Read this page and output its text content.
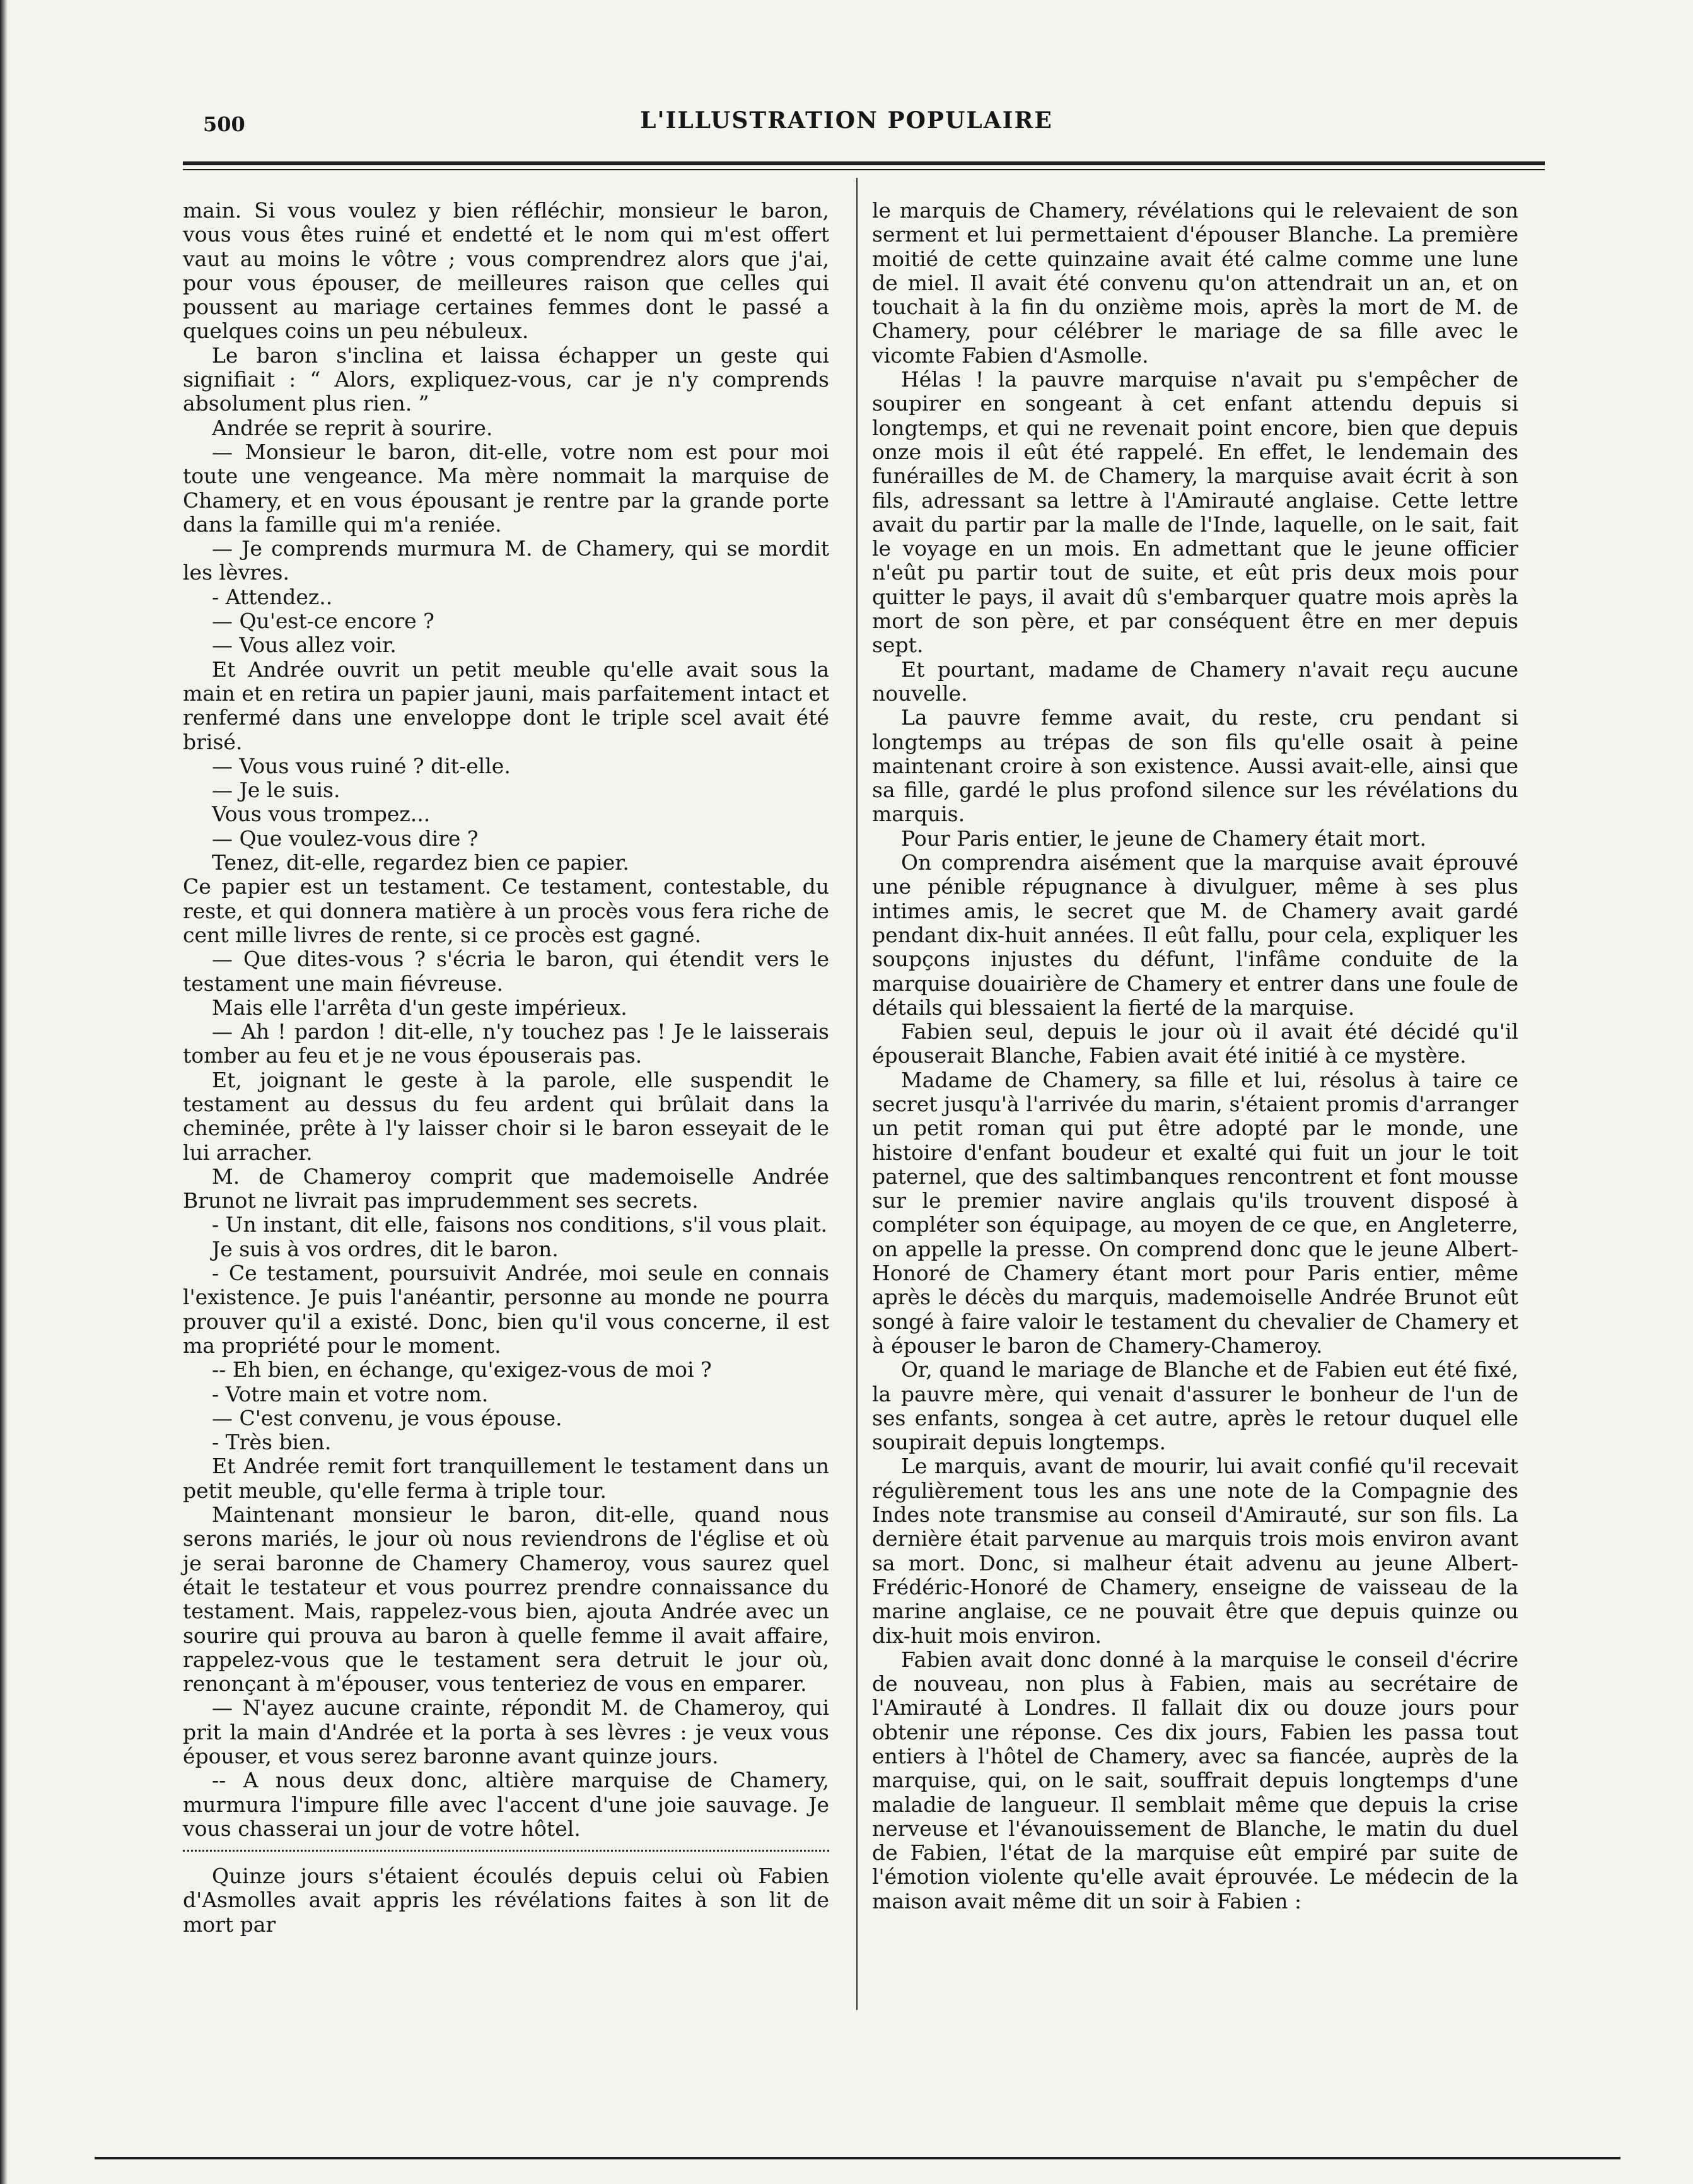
500	L'ILLUSTRATION POPULAIRE

main. Si vous voulez y bien réfléchir, monsieur le baron, vous vous êtes ruiné et endetté et le nom qui m'est offert vaut au moins le vôtre ; vous comprendrez alors que j'ai, pour vous épouser, de meilleures raison que celles qui poussent au mariage certaines femmes dont le passé a quelques coins un peu nébuleux.

Le baron s'inclina et laissa échapper un geste qui signifiait : “ Alors, expliquez-vous, car je n'y comprends absolument plus rien. ”

Andrée se reprit à sourire.

— Monsieur le baron, dit-elle, votre nom est pour moi toute une vengeance. Ma mère nommait la marquise de Chamery, et en vous épousant je rentre par la grande porte dans la famille qui m'a reniée.

— Je comprends murmura M. de Chamery, qui se mordit les lèvres.

- Attendez..

— Qu'est-ce encore ?

— Vous allez voir.

Et Andrée ouvrit un petit meuble qu'elle avait sous la main et en retira un papier jauni, mais parfaitement intact et renfermé dans une enveloppe dont le triple scel avait été brisé.

— Vous vous ruiné ? dit-elle.

— Je le suis.

Vous vous trompez...

— Que voulez-vous dire ?

Tenez, dit-elle, regardez bien ce papier.

Ce papier est un testament. Ce testament, contestable, du reste, et qui donnera matière à un procès vous fera riche de cent mille livres de rente, si ce procès est gagné.

— Que dites-vous ? s'écria le baron, qui étendit vers le testament une main fiévreuse.

Mais elle l'arrêta d'un geste impérieux.

— Ah ! pardon ! dit-elle, n'y touchez pas ! Je le laisserais tomber au feu et je ne vous épouserais pas.

Et, joignant le geste à la parole, elle suspendit le testament au dessus du feu ardent qui brûlait dans la cheminée, prête à l'y laisser choir si le baron esseyait de le lui arracher.

M. de Chameroy comprit que mademoiselle Andrée Brunot ne livrait pas imprudemment ses secrets.

- Un instant, dit elle, faisons nos conditions, s'il vous plait.

Je suis à vos ordres, dit le baron.

- Ce testament, poursuivit Andrée, moi seule en connais l'existence. Je puis l'anéantir, personne au monde ne pourra prouver qu'il a existé. Donc, bien qu'il vous concerne, il est ma propriété pour le moment.

-- Eh bien, en échange, qu'exigez-vous de moi ?

- Votre main et votre nom.

— C'est convenu, je vous épouse.

- Très bien.

Et Andrée remit fort tranquillement le testament dans un petit meuble, qu'elle ferma à triple tour.

Maintenant monsieur le baron, dit-elle, quand nous serons mariés, le jour où nous reviendrons de l'église et où je serai baronne de Chamery Chameroy, vous saurez quel était le testateur et vous pourrez prendre connaissance du testament. Mais, rappelez-vous bien, ajouta Andrée avec un sourire qui prouva au baron à quelle femme il avait affaire, rappelez-vous que le testament sera detruit le jour où, renonçant à m'épouser, vous tenteriez de vous en emparer.

— N'ayez aucune crainte, répondit M. de Chameroy, qui prit la main d'Andrée et la porta à ses lèvres : je veux vous épouser, et vous serez baronne avant quinze jours.

-- A nous deux donc, altière marquise de Chamery, murmura l'impure fille avec l'accent d'une joie sauvage. Je vous chasserai un jour de votre hôtel.

Quinze jours s'étaient écoulés depuis celui où Fabien d'Asmolles avait appris les révélations faites à son lit de mort par

le marquis de Chamery, révélations qui le relevaient de son serment et lui permettaient d'épouser Blanche. La première moitié de cette quinzaine avait été calme comme une lune de miel. Il avait été convenu qu'on attendrait un an, et on touchait à la fin du onzième mois, après la mort de M. de Chamery, pour célébrer le mariage de sa fille avec le vicomte Fabien d'Asmolle.

Hélas ! la pauvre marquise n'avait pu s'empêcher de soupirer en songeant à cet enfant attendu depuis si longtemps, et qui ne revenait point encore, bien que depuis onze mois il eût été rappelé. En effet, le lendemain des funérailles de M. de Chamery, la marquise avait écrit à son fils, adressant sa lettre à l'Amirauté anglaise. Cette lettre avait du partir par la malle de l'Inde, laquelle, on le sait, fait le voyage en un mois. En admettant que le jeune officier n'eût pu partir tout de suite, et eût pris deux mois pour quitter le pays, il avait dû s'embarquer quatre mois après la mort de son père, et par conséquent être en mer depuis sept.

Et pourtant, madame de Chamery n'avait reçu aucune nouvelle.

La pauvre femme avait, du reste, cru pendant si longtemps au trépas de son fils qu'elle osait à peine maintenant croire à son existence. Aussi avait-elle, ainsi que sa fille, gardé le plus profond silence sur les révélations du marquis.

Pour Paris entier, le jeune de Chamery était mort.

On comprendra aisément que la marquise avait éprouvé une pénible répugnance à divulguer, même à ses plus intimes amis, le secret que M. de Chamery avait gardé pendant dix-huit années. Il eût fallu, pour cela, expliquer les soupçons injustes du défunt, l'infâme conduite de la marquise douairière de Chamery et entrer dans une foule de détails qui blessaient la fierté de la marquise.

Fabien seul, depuis le jour où il avait été décidé qu'il épouserait Blanche, Fabien avait été initié à ce mystère.

Madame de Chamery, sa fille et lui, résolus à taire ce secret jusqu'à l'arrivée du marin, s'étaient promis d'arranger un petit roman qui put être adopté par le monde, une histoire d'enfant boudeur et exalté qui fuit un jour le toit paternel, que des saltimbanques rencontrent et font mousse sur le premier navire anglais qu'ils trouvent disposé à compléter son équipage, au moyen de ce que, en Angleterre, on appelle la presse. On comprend donc que le jeune Albert-Honoré de Chamery étant mort pour Paris entier, même après le décès du marquis, mademoiselle Andrée Brunot eût songé à faire valoir le testament du chevalier de Chamery et à épouser le baron de Chamery-Chameroy.

Or, quand le mariage de Blanche et de Fabien eut été fixé, la pauvre mère, qui venait d'assurer le bonheur de l'un de ses enfants, songea à cet autre, après le retour duquel elle soupirait depuis longtemps.

Le marquis, avant de mourir, lui avait confié qu'il recevait régulièrement tous les ans une note de la Compagnie des Indes note transmise au conseil d'Amirauté, sur son fils. La dernière était parvenue au marquis trois mois environ avant sa mort. Donc, si malheur était advenu au jeune Albert-Frédéric-Honoré de Chamery, enseigne de vaisseau de la marine anglaise, ce ne pouvait être que depuis quinze ou dix-huit mois environ.

Fabien avait donc donné à la marquise le conseil d'écrire de nouveau, non plus à Fabien, mais au secrétaire de l'Amirauté à Londres. Il fallait dix ou douze jours pour obtenir une réponse. Ces dix jours, Fabien les passa tout entiers à l'hôtel de Chamery, avec sa fiancée, auprès de la marquise, qui, on le sait, souffrait depuis longtemps d'une maladie de langueur. Il semblait même que depuis la crise nerveuse et l'évanouissement de Blanche, le matin du duel de Fabien, l'état de la marquise eût empiré par suite de l'émotion violente qu'elle avait éprouvée. Le médecin de la maison avait même dit un soir à Fabien :
